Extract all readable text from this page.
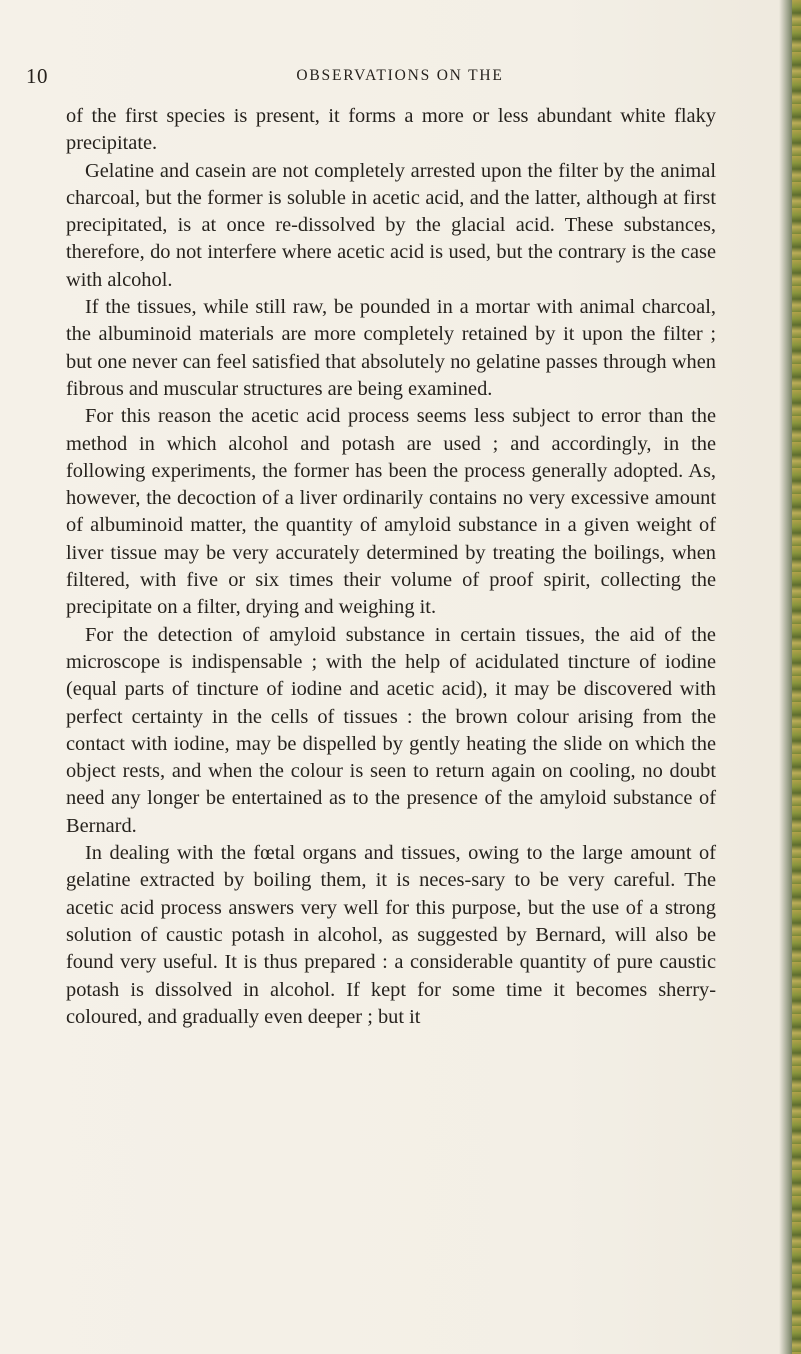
10	OBSERVATIONS ON THE

of the first species is present, it forms a more or less abundant white flaky precipitate.

Gelatine and casein are not completely arrested upon the filter by the animal charcoal, but the former is soluble in acetic acid, and the latter, although at first precipitated, is at once re-dissolved by the glacial acid. These substances, therefore, do not interfere where acetic acid is used, but the contrary is the case with alcohol.

If the tissues, while still raw, be pounded in a mortar with animal charcoal, the albuminoid materials are more completely retained by it upon the filter ; but one never can feel satisfied that absolutely no gelatine passes through when fibrous and muscular structures are being examined.

For this reason the acetic acid process seems less subject to error than the method in which alcohol and potash are used ; and accordingly, in the following experiments, the former has been the process generally adopted. As, however, the decoction of a liver ordinarily contains no very excessive amount of albuminoid matter, the quantity of amyloid substance in a given weight of liver tissue may be very accurately determined by treating the boilings, when filtered, with five or six times their volume of proof spirit, collecting the precipitate on a filter, drying and weighing it.

For the detection of amyloid substance in certain tissues, the aid of the microscope is indispensable ; with the help of acidulated tincture of iodine (equal parts of tincture of iodine and acetic acid), it may be discovered with perfect certainty in the cells of tissues : the brown colour arising from the contact with iodine, may be dispelled by gently heating the slide on which the object rests, and when the colour is seen to return again on cooling, no doubt need any longer be entertained as to the presence of the amyloid substance of Bernard.

In dealing with the fœtal organs and tissues, owing to the large amount of gelatine extracted by boiling them, it is neces-sary to be very careful. The acetic acid process answers very well for this purpose, but the use of a strong solution of caustic potash in alcohol, as suggested by Bernard, will also be found very useful. It is thus prepared : a considerable quantity of pure caustic potash is dissolved in alcohol. If kept for some time it becomes sherry-coloured, and gradually even deeper ; but it
